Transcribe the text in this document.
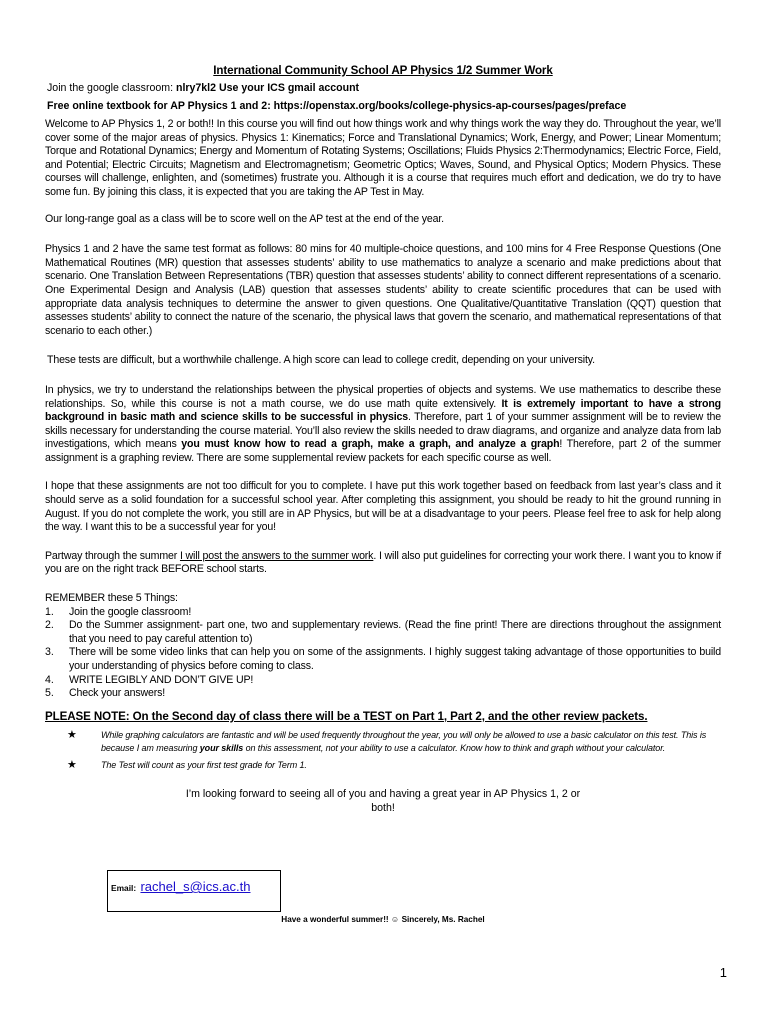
International Community School AP Physics 1/2 Summer Work
Join the google classroom: nlry7kl2 Use your ICS gmail account
Free online textbook for AP Physics 1 and 2: https://openstax.org/books/college-physics-ap-courses/pages/preface

Welcome to AP Physics 1, 2 or both!! In this course you will find out how things work and why things work the way they do. Throughout the year, we’ll cover some of the major areas of physics. Physics 1: Kinematics; Force and Translational Dynamics; Work, Energy, and Power; Linear Momentum; Torque and Rotational Dynamics; Energy and Momentum of Rotating Systems; Oscillations; Fluids Physics 2:Thermodynamics; Electric Force, Field, and Potential; Electric Circuits; Magnetism and Electromagnetism; Geometric Optics; Waves, Sound, and Physical Optics; Modern Physics. These courses will challenge, enlighten, and (sometimes) frustrate you. Although it is a course that requires much effort and dedication, we do try to have some fun. By joining this class, it is expected that you are taking the AP Test in May.

Our long-range goal as a class will be to score well on the AP test at the end of the year.

Physics 1 and 2 have the same test format as follows: 80 mins for 40 multiple-choice questions, and 100 mins for 4 Free Response Questions (One Mathematical Routines (MR) question that assesses students’ ability to use mathematics to analyze a scenario and make predictions about that scenario. One Translation Between Representations (TBR) question that assesses students’ ability to connect different representations of a scenario. One Experimental Design and Analysis (LAB) question that assesses students’ ability to create scientific procedures that can be used with appropriate data analysis techniques to determine the answer to given questions. One Qualitative/Quantitative Translation (QQT) question that assesses students’ ability to connect the nature of the scenario, the physical laws that govern the scenario, and mathematical representations of that scenario to each other.)

These tests are difficult, but a worthwhile challenge. A high score can lead to college credit, depending on your university.

In physics, we try to understand the relationships between the physical properties of objects and systems. We use mathematics to describe these relationships. So, while this course is not a math course, we do use math quite extensively. It is extremely important to have a strong background in basic math and science skills to be successful in physics. Therefore, part 1 of your summer assignment will be to review the skills necessary for understanding the course material. You’ll also review the skills needed to draw diagrams, and organize and analyze data from lab investigations, which means you must know how to read a graph, make a graph, and analyze a graph! Therefore, part 2 of the summer assignment is a graphing review. There are some supplemental review packets for each specific course as well.

I hope that these assignments are not too difficult for you to complete. I have put this work together based on feedback from last year’s class and it should serve as a solid foundation for a successful school year. After completing this assignment, you should be ready to hit the ground running in August. If you do not complete the work, you still are in AP Physics, but will be at a disadvantage to your peers. Please feel free to ask for help along the way. I want this to be a successful year for you!

Partway through the summer I will post the answers to the summer work. I will also put guidelines for correcting your work there. I want you to know if you are on the right track BEFORE school starts.

REMEMBER these 5 Things:

1.	Join the google classroom!
2.	Do the Summer assignment- part one, two and supplementary reviews. (Read the fine print! There are directions throughout the assignment that you need to pay careful attention to)
3.	There will be some video links that can help you on some of the assignments. I highly suggest taking advantage of those opportunities to build your understanding of physics before coming to class.
4.	WRITE LEGIBLY AND DON’T GIVE UP!
5.	Check your answers!

PLEASE NOTE: On the Second day of class there will be a TEST on Part 1, Part 2, and the other review packets.

★	While graphing calculators are fantastic and will be used frequently throughout the year, you will only be allowed to use a basic calculator on this test. This is because I am measuring your skills on this assessment, not your ability to use a calculator. Know how to think and graph without your calculator.
★	The Test will count as your first test grade for Term 1.
I’m looking forward to seeing all of you and having a great year in AP Physics 1, 2 or both!
Email: rachel_s@ics.ac.th
Have a wonderful summer!! ☺ Sincerely, Ms. Rachel
1
